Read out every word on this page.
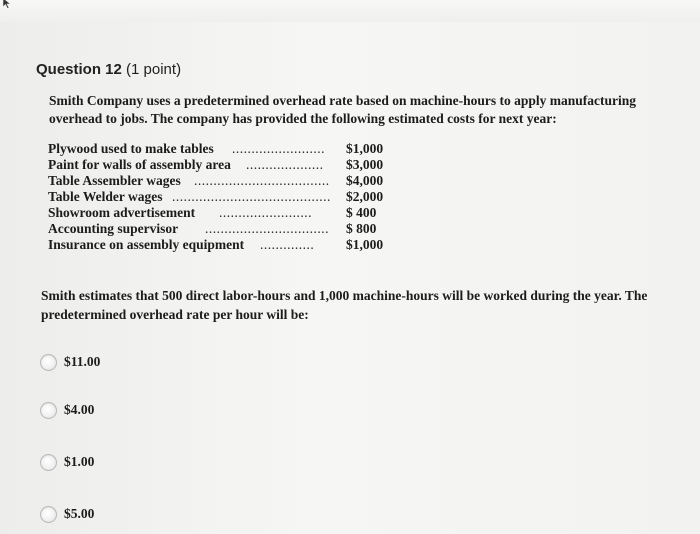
Question 12 (1 point)
Smith Company uses a predetermined overhead rate based on machine-hours to apply manufacturing overhead to jobs. The company has provided the following estimated costs for next year:
Plywood used to make tables ........................	$1,000
Paint for walls of assembly area ....................	$3,000
Table Assembler wages ...................................	$4,000
Table Welder wages .........................................	$2,000
Showroom advertisement ........................	$ 400
Accounting supervisor ................................	$ 800
Insurance on assembly equipment ..............	$1,000
Smith estimates that 500 direct labor-hours and 1,000 machine-hours will be worked during the year. The predetermined overhead rate per hour will be:
$11.00
$4.00
$1.00
$5.00
